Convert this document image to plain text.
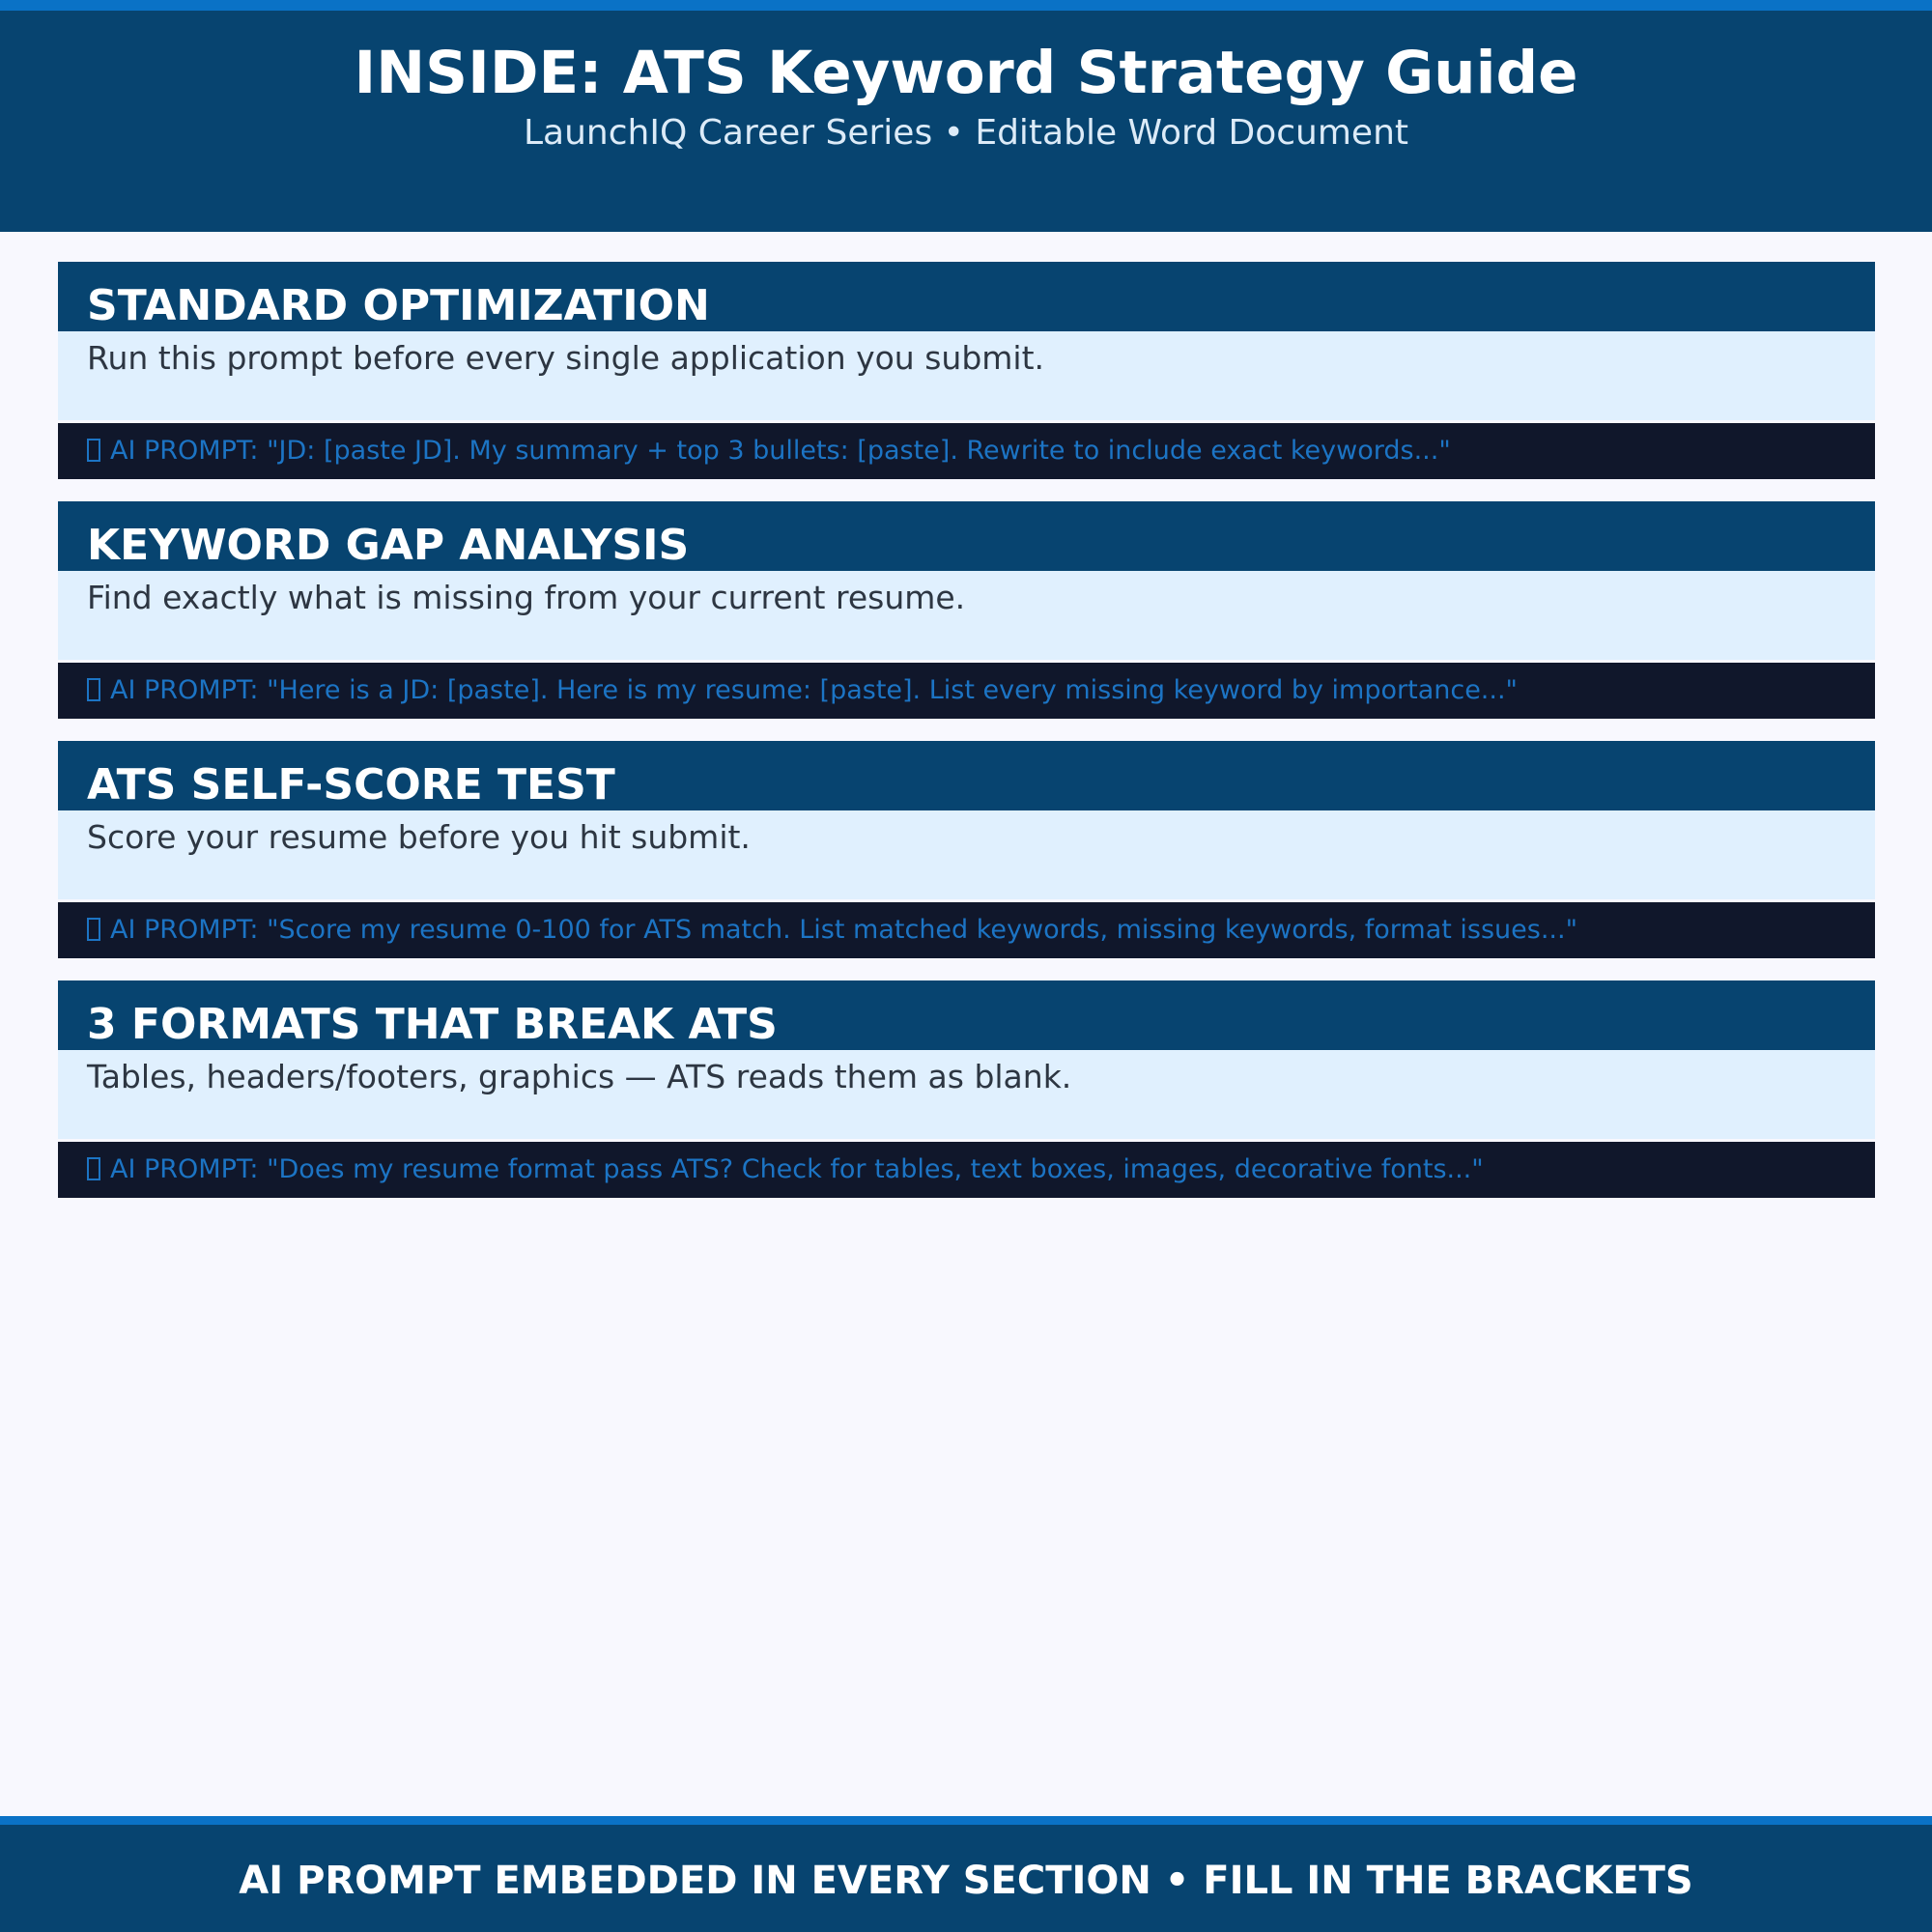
INSIDE: ATS Keyword Strategy Guide
LaunchIQ Career Series • Editable Word Document
STANDARD OPTIMIZATION
Run this prompt before every single application you submit.
AI PROMPT: "JD: [paste JD]. My summary + top 3 bullets: [paste]. Rewrite to include exact keywords..."
KEYWORD GAP ANALYSIS
Find exactly what is missing from your current resume.
AI PROMPT: "Here is a JD: [paste]. Here is my resume: [paste]. List every missing keyword by importance..."
ATS SELF-SCORE TEST
Score your resume before you hit submit.
AI PROMPT: "Score my resume 0-100 for ATS match. List matched keywords, missing keywords, format issues..."
3 FORMATS THAT BREAK ATS
Tables, headers/footers, graphics — ATS reads them as blank.
AI PROMPT: "Does my resume format pass ATS? Check for tables, text boxes, images, decorative fonts..."
AI PROMPT EMBEDDED IN EVERY SECTION • FILL IN THE BRACKETS
